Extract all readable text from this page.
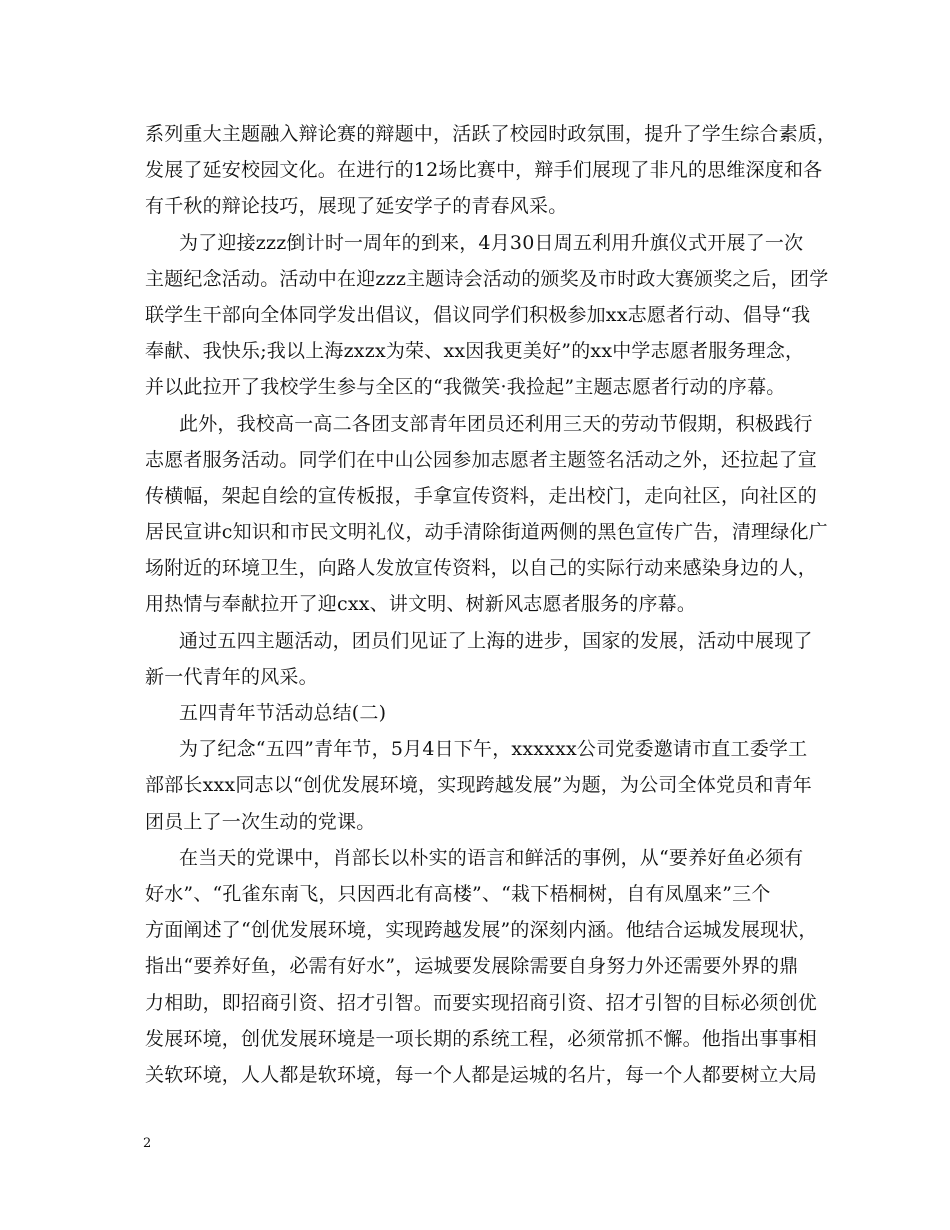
系列重大主题融入辩论赛的辩题中，活跃了校园时政氛围，提升了学生综合素质，
发展了延安校园文化。在进行的12场比赛中，辩手们展现了非凡的思维深度和各
有千秋的辩论技巧，展现了延安学子的青春风采。
为了迎接zzz倒计时一周年的到来，4月30日周五利用升旗仪式开展了一次
主题纪念活动。活动中在迎zzz主题诗会活动的颁奖及市时政大赛颁奖之后，团学
联学生干部向全体同学发出倡议，倡议同学们积极参加xx志愿者行动、倡导“我
奉献、我快乐;我以上海zxzx为荣、xx因我更美好”的xx中学志愿者服务理念，
并以此拉开了我校学生参与全区的“我微笑·我捡起”主题志愿者行动的序幕。
此外，我校高一高二各团支部青年团员还利用三天的劳动节假期，积极践行
志愿者服务活动。同学们在中山公园参加志愿者主题签名活动之外，还拉起了宣
传横幅，架起自绘的宣传板报，手拿宣传资料，走出校门，走向社区，向社区的
居民宣讲c知识和市民文明礼仪，动手清除街道两侧的黑色宣传广告，清理绿化广
场附近的环境卫生，向路人发放宣传资料，以自己的实际行动来感染身边的人，
用热情与奉献拉开了迎cxx、讲文明、树新风志愿者服务的序幕。
通过五四主题活动，团员们见证了上海的进步，国家的发展，活动中展现了
新一代青年的风采。
五四青年节活动总结(二)
为了纪念“五四”青年节，5月4日下午，xxxxxx公司党委邀请市直工委学工
部部长xxx同志以“创优发展环境，实现跨越发展”为题，为公司全体党员和青年
团员上了一次生动的党课。
在当天的党课中，肖部长以朴实的语言和鲜活的事例，从“要养好鱼必须有
好水”、“孔雀东南飞，只因西北有高楼”、“栽下梧桐树，自有凤凰来”三个
方面阐述了“创优发展环境，实现跨越发展”的深刻内涵。他结合运城发展现状，
指出“要养好鱼，必需有好水”，运城要发展除需要自身努力外还需要外界的鼎
力相助，即招商引资、招才引智。而要实现招商引资、招才引智的目标必须创优
发展环境，创优发展环境是一项长期的系统工程，必须常抓不懈。他指出事事相
关软环境，人人都是软环境，每一个人都是运城的名片，每一个人都要树立大局
2
